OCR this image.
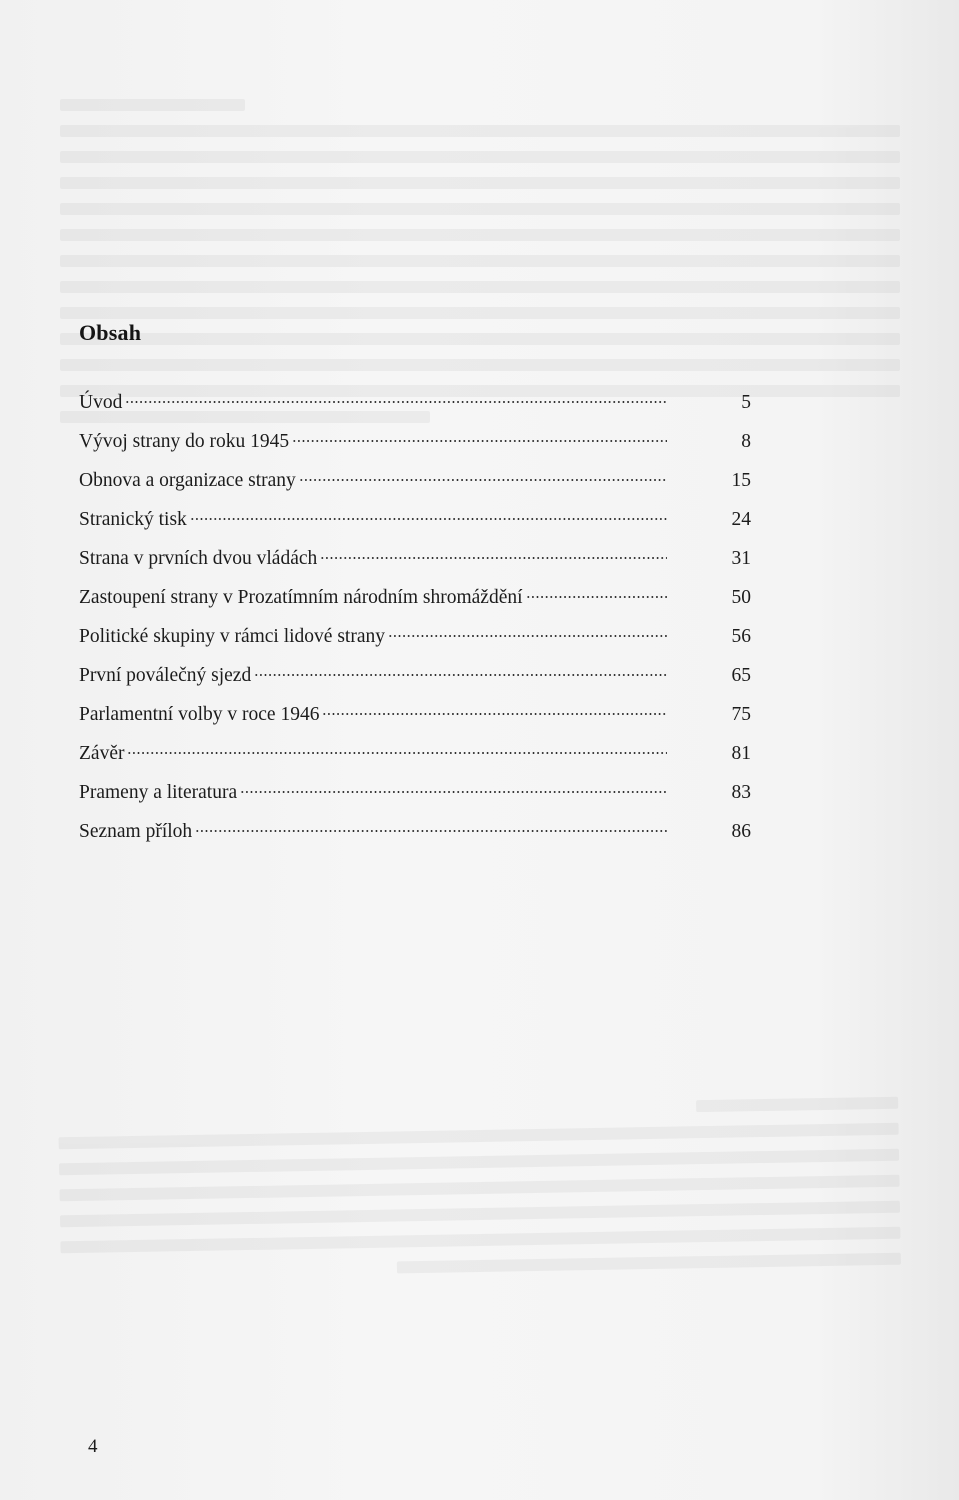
Obsah
Úvod	5
Vývoj strany do roku 1945	8
Obnova a organizace strany	15
Stranický tisk	24
Strana v prvních dvou vládách	31
Zastoupení strany v Prozatímním národním shromáždění	50
Politické skupiny v rámci lidové strany	56
První poválečný sjezd	65
Parlamentní volby v roce 1946	75
Závěr	81
Prameny a literatura	83
Seznam příloh	86
4
